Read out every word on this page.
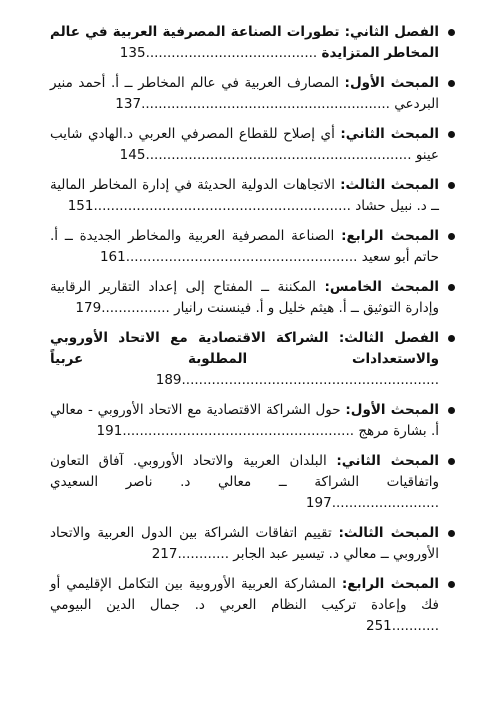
الفصل الثاني: تطورات الصناعة المصرفية العربية في عالم المخاطر المتزايدة ........................................135
المبحث الأول: المصارف العربية في عالم المخاطر ــ أ. أحمد منير البردعي ..........................................................137
المبحث الثاني: أي إصلاح للقطاع المصرفي العربي د.الهادي شايب عينو ..............................................................145
المبحث الثالث: الاتجاهات الدولية الحديثة في إدارة المخاطر المالية ــ د. نبيل حشاد ............................................................151
المبحث الرابع: الصناعة المصرفية العربية والمخاطر الجديدة ــ أ. حاتم أبو سعيد ......................................................161
المبحث الخامس: المكننة ــ المفتاح إلى إعداد التقارير الرقابية وإدارة التوثيق ــ أ. هيثم خليل و أ. فينسنت رانيار ................179
الفصل الثالث: الشراكة الاقتصادية مع الاتحاد الأوروبي والاستعدادات المطلوبة عربياً ............................................................189
المبحث الأول: حول الشراكة الاقتصادية مع الاتحاد الأوروبي - معالي أ. بشارة مرهج ......................................................191
المبحث الثاني: البلدان العربية والاتحاد الأوروبي. آفاق التعاون واتفاقيات الشراكة ــ معالي د. ناصر السعيدي .........................197
المبحث الثالث: تقييم اتفاقات الشراكة بين الدول العربية والاتحاد الأوروبي ــ معالي د. تيسير عبد الجابر ............217
المبحث الرابع: المشاركة العربية الأوروبية بين التكامل الإقليمي أو فك وإعادة تركيب النظام العربي د. جمال الدين البيومي ...........251
